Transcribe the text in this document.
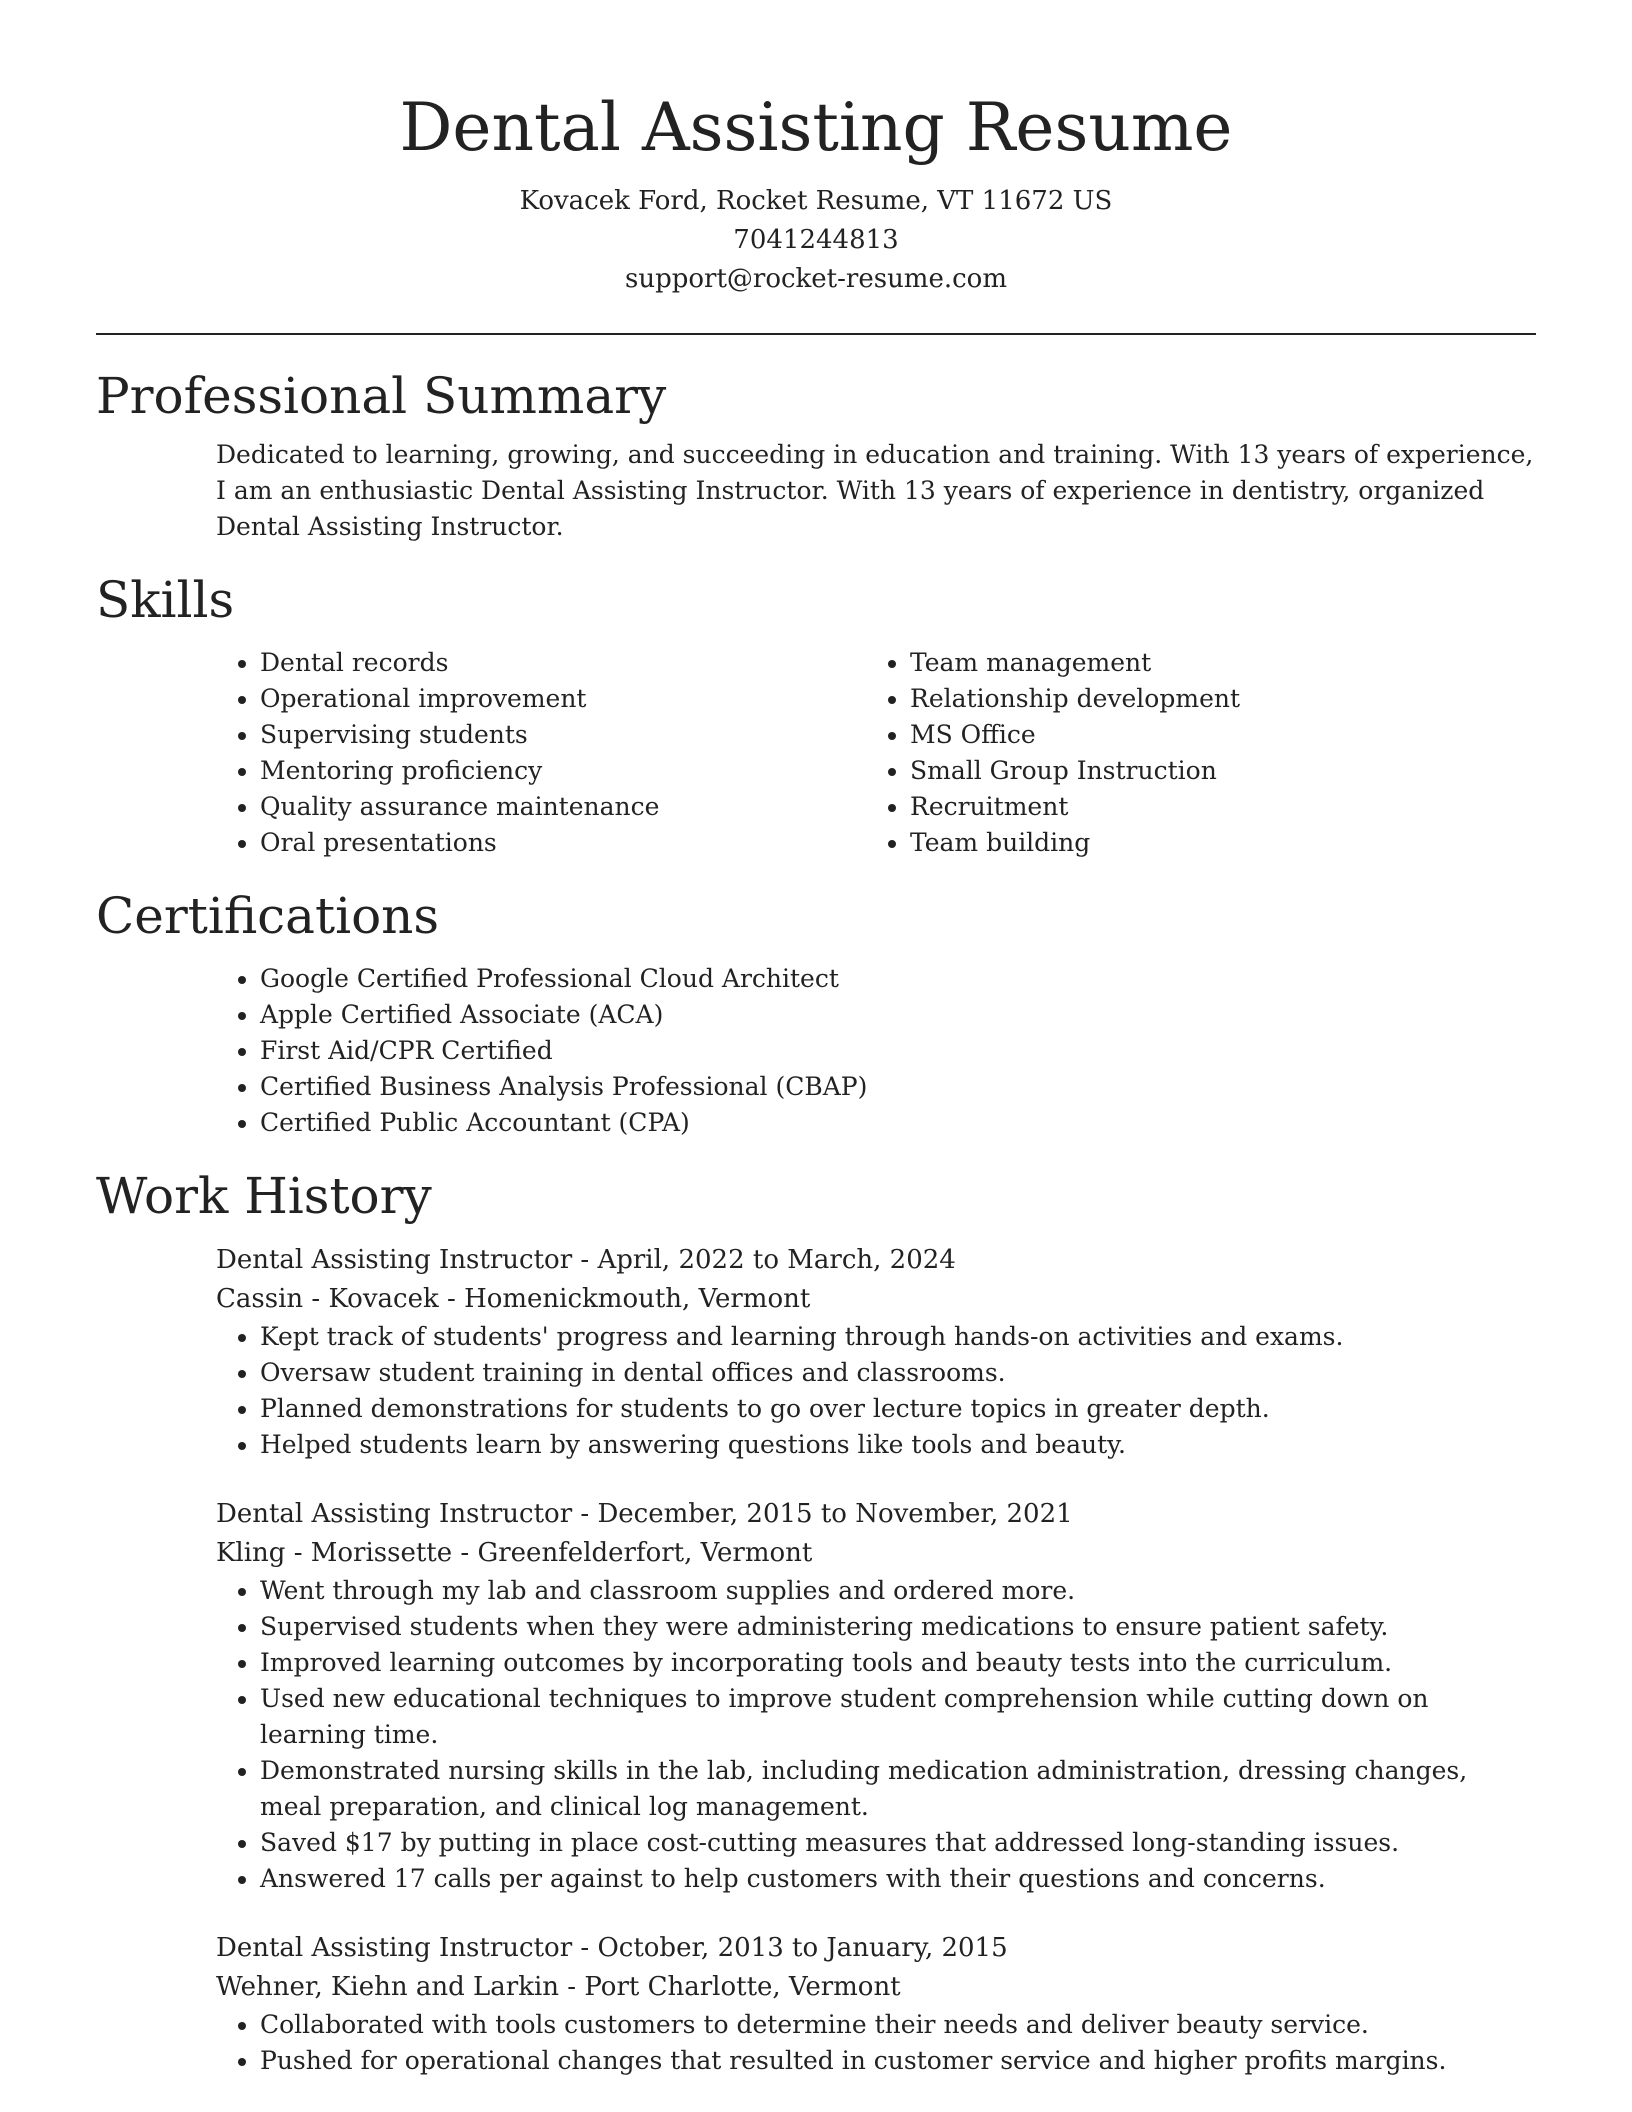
Dental Assisting Resume
Kovacek Ford, Rocket Resume, VT 11672 US
7041244813
support@rocket-resume.com
Professional Summary

Dedicated to learning, growing, and succeeding in education and training. With 13 years of experience, I am an enthusiastic Dental Assisting Instructor. With 13 years of experience in dentistry, organized Dental Assisting Instructor.

Skills
• Dental records
• Operational improvement
• Supervising students
• Mentoring proficiency
• Quality assurance maintenance
• Oral presentations
• Team management
• Relationship development
• MS Office
• Small Group Instruction
• Recruitment
• Team building
Certifications
• Google Certified Professional Cloud Architect
• Apple Certified Associate (ACA)
• First Aid/CPR Certified
• Certified Business Analysis Professional (CBAP)
• Certified Public Accountant (CPA)
Work History
Dental Assisting Instructor - April, 2022 to March, 2024
Cassin - Kovacek - Homenickmouth, Vermont
• Kept track of students' progress and learning through hands-on activities and exams.
• Oversaw student training in dental offices and classrooms.
• Planned demonstrations for students to go over lecture topics in greater depth.
• Helped students learn by answering questions like tools and beauty.
Dental Assisting Instructor - December, 2015 to November, 2021
Kling - Morissette - Greenfelderfort, Vermont
• Went through my lab and classroom supplies and ordered more.
• Supervised students when they were administering medications to ensure patient safety.
• Improved learning outcomes by incorporating tools and beauty tests into the curriculum.
• Used new educational techniques to improve student comprehension while cutting down on learning time.
• Demonstrated nursing skills in the lab, including medication administration, dressing changes, meal preparation, and clinical log management.
• Saved $17 by putting in place cost-cutting measures that addressed long-standing issues.
• Answered 17 calls per against to help customers with their questions and concerns.
Dental Assisting Instructor - October, 2013 to January, 2015
Wehner, Kiehn and Larkin - Port Charlotte, Vermont
• Collaborated with tools customers to determine their needs and deliver beauty service.
• Pushed for operational changes that resulted in customer service and higher profits margins.
